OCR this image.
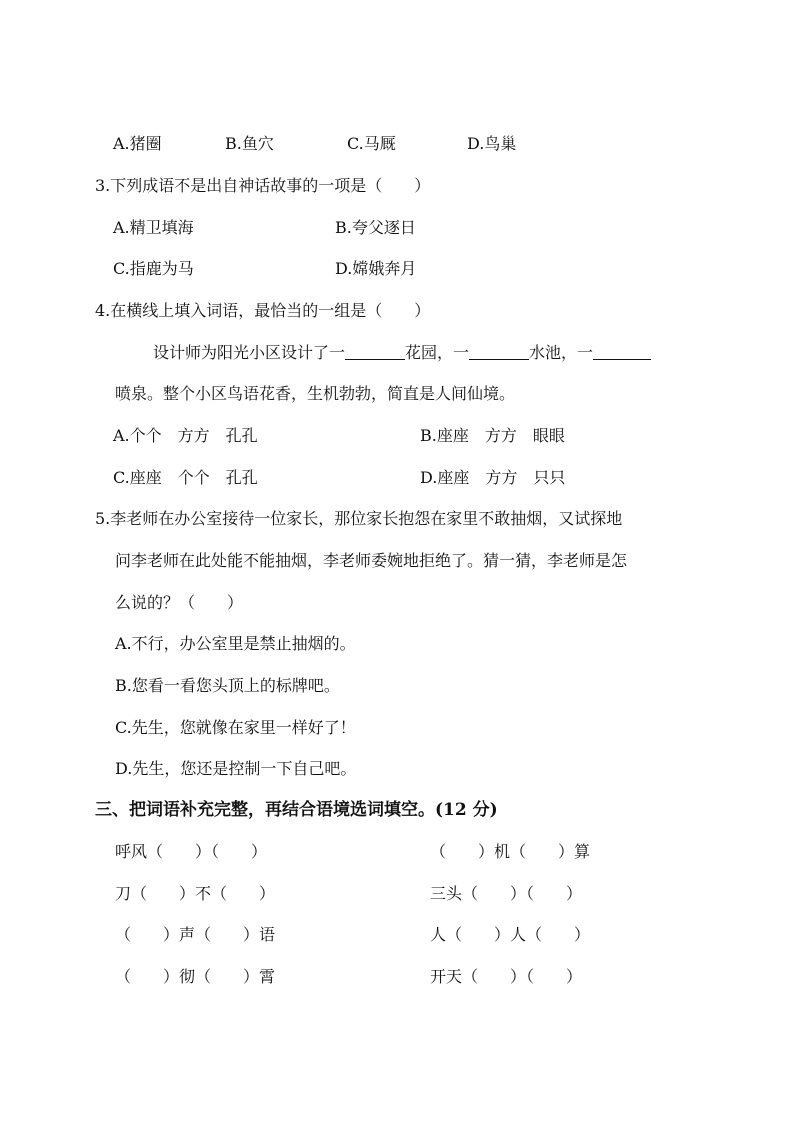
A.猪圈	B.鱼穴	C.马厩	D.鸟巢
3.下列成语不是出自神话故事的一项是（　　）
A.精卫填海	B.夸父逐日
C.指鹿为马	D.嫦娥奔月
4.在横线上填入词语，最恰当的一组是（　　）
设计师为阳光小区设计了一	花园，一	水池，一
喷泉。整个小区鸟语花香，生机勃勃，简直是人间仙境。
A.个个　方方　孔孔	B.座座　方方　眼眼
C.座座　个个　孔孔	D.座座　方方　只只
5.李老师在办公室接待一位家长，那位家长抱怨在家里不敢抽烟，又试探地
问李老师在此处能不能抽烟，李老师委婉地拒绝了。猜一猜，李老师是怎
么说的？（　　）
A.不行，办公室里是禁止抽烟的。
B.您看一看您头顶上的标牌吧。
C.先生，您就像在家里一样好了！
D.先生，您还是控制一下自己吧。
三、把词语补充完整，再结合语境选词填空。(12 分)
呼风（　　）（　　）	（　　）机（　　）算
刀（　　）不（　　）	三头（　　）（　　）
（　　）声（　　）语	人（　　）人（　　）
（　　）彻（　　）霄	开天（　　）（　　）
